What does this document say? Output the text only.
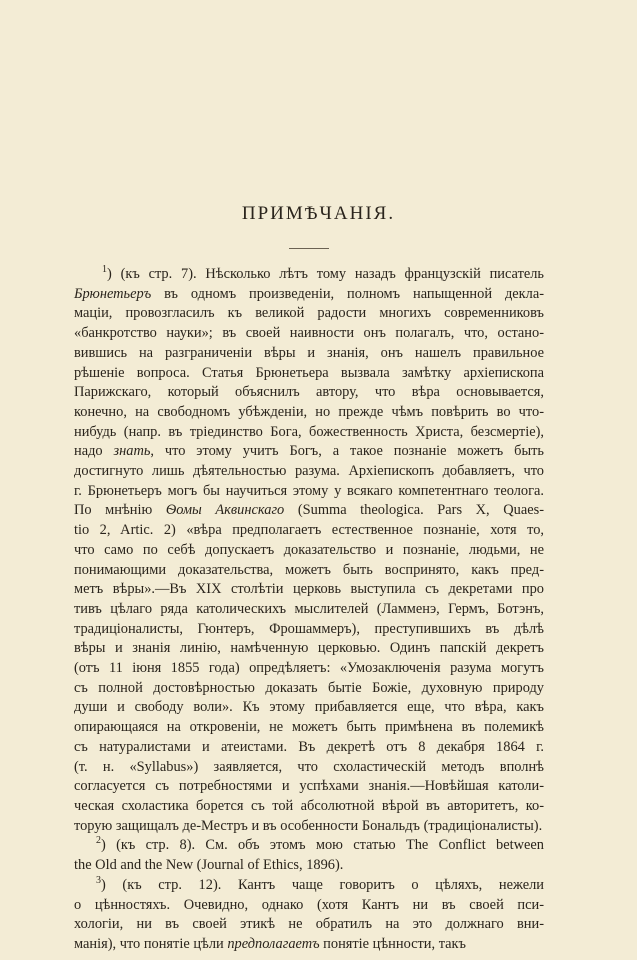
ПРИМѢЧАНІЯ.
$^1$) (къ стр. 7). Нѣсколько лѣтъ тому назадъ французскій писатель
Брюнетьеръ въ одномъ произведеніи, полномъ напыщенной декла-
маціи, провозгласилъ къ великой радости многихъ современниковъ
«банкротство науки»; въ своей наивности онъ полагалъ, что, остано-
вившись на разграниченіи вѣры и знанія, онъ нашелъ правильное
рѣшеніе вопроса. Статья Брюнетьера вызвала замѣтку архіепископа
Парижскаго, который объяснилъ автору, что вѣра основывается,
конечно, на свободномъ убѣжденіи, но прежде чѣмъ повѣрить во что-
нибудь (напр. въ тріединство Бога, божественность Христа, безсмертіе),
надо знать, что этому учитъ Богъ, а такое познаніе можетъ быть
достигнуто лишь дѣятельностью разума. Архіепископъ добавляетъ, что
г. Брюнетьеръ могъ бы научиться этому у всякаго компетентнаго теолога.
По мнѣнію Ѳомы Аквинскаго (Summa theologica. Pars X, Quaes-
tio 2, Artic. 2) «вѣра предполагаетъ естественное познаніе, хотя то,
что само по себѣ допускаетъ доказательство и познаніе, людьми, не
понимающими доказательства, можетъ быть воспринято, какъ пред-
метъ вѣры».—Въ XIX столѣтіи церковь выступила съ декретами про
тивъ цѣлаго ряда католическихъ мыслителей (Ламменэ, Гермъ, Ботэнъ,
традиціоналисты, Гюнтеръ, Фрошаммеръ), преступившихъ въ дѣлѣ
вѣры и знанія линію, намѣченную церковью. Одинъ папскій декретъ
(отъ 11 іюня 1855 года) опредѣляетъ: «Умозаключенія разума могутъ
съ полной достовѣрностью доказать бытіе Божіе, духовную природу
души и свободу воли». Къ этому прибавляется еще, что вѣра, какъ
опирающаяся на откровеніи, не можетъ быть примѣнена въ полемикѣ
съ натуралистами и атеистами. Въ декретѣ отъ 8 декабря 1864 г.
(т. н. «Syllabus») заявляется, что схоластическій методъ вполнѣ
согласуется съ потребностями и успѣхами знанія.—Новѣйшая католи-
ческая схоластика борется съ той абсолютной вѣрой въ авторитетъ, ко-
торую защищалъ де-Местръ и въ особенности Бональдъ (традиціоналисты).
$^2$) (къ стр. 8). См. объ этомъ мою статью The Conflict between
the Old and the New (Journal of Ethics, 1896).
$^3$) (къ стр. 12). Кантъ чаще говоритъ о цѣляхъ, нежели
о цѣнностяхъ. Очевидно, однако (хотя Кантъ ни въ своей пси-
хологіи, ни въ своей этикѣ не обратилъ на это должнаго вни-
манія), что понятіе цѣли предполагаетъ понятіе цѣнности, такъ
